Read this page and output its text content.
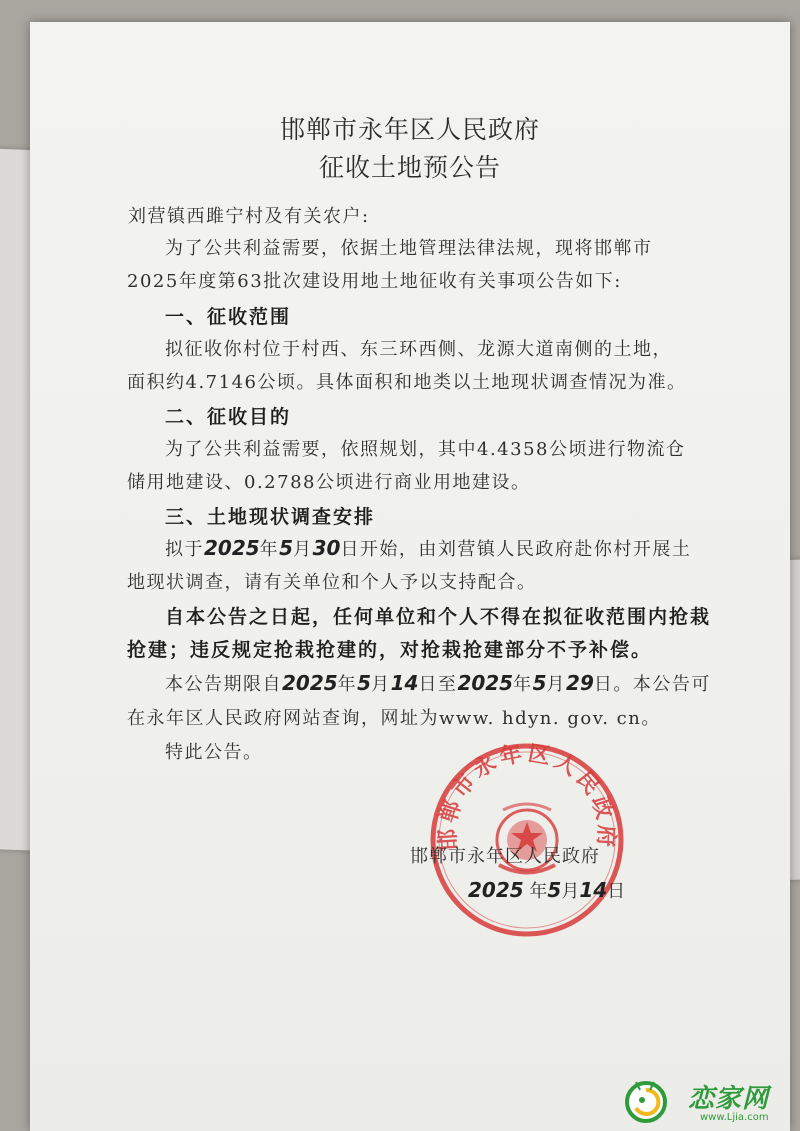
邯郸市永年区人民政府
征收土地预公告
刘营镇西雎宁村及有关农户:
为了公共利益需要，依据土地管理法律法规，现将邯郸市
2025年度第63批次建设用地土地征收有关事项公告如下:
一、征收范围
拟征收你村位于村西、东三环西侧、龙源大道南侧的土地，
面积约4.7146公顷。具体面积和地类以土地现状调查情况为准。
二、征收目的
为了公共利益需要，依照规划，其中4.4358公顷进行物流仓
储用地建设、0.2788公顷进行商业用地建设。
三、土地现状调查安排
拟于2025年5月30日开始，由刘营镇人民政府赴你村开展土
地现状调查，请有关单位和个人予以支持配合。
自本公告之日起，任何单位和个人不得在拟征收范围内抢栽
抢建；违反规定抢栽抢建的，对抢栽抢建部分不予补偿。
本公告期限自2025年5月14日至2025年5月29日。本公告可
在永年区人民政府网站查询，网址为www. hdyn. gov. cn。
特此公告。
邯郸市永年区人民政府
邯郸市永年区人民政府
2025 年5月14日
恋家网
www.Ljia.com
